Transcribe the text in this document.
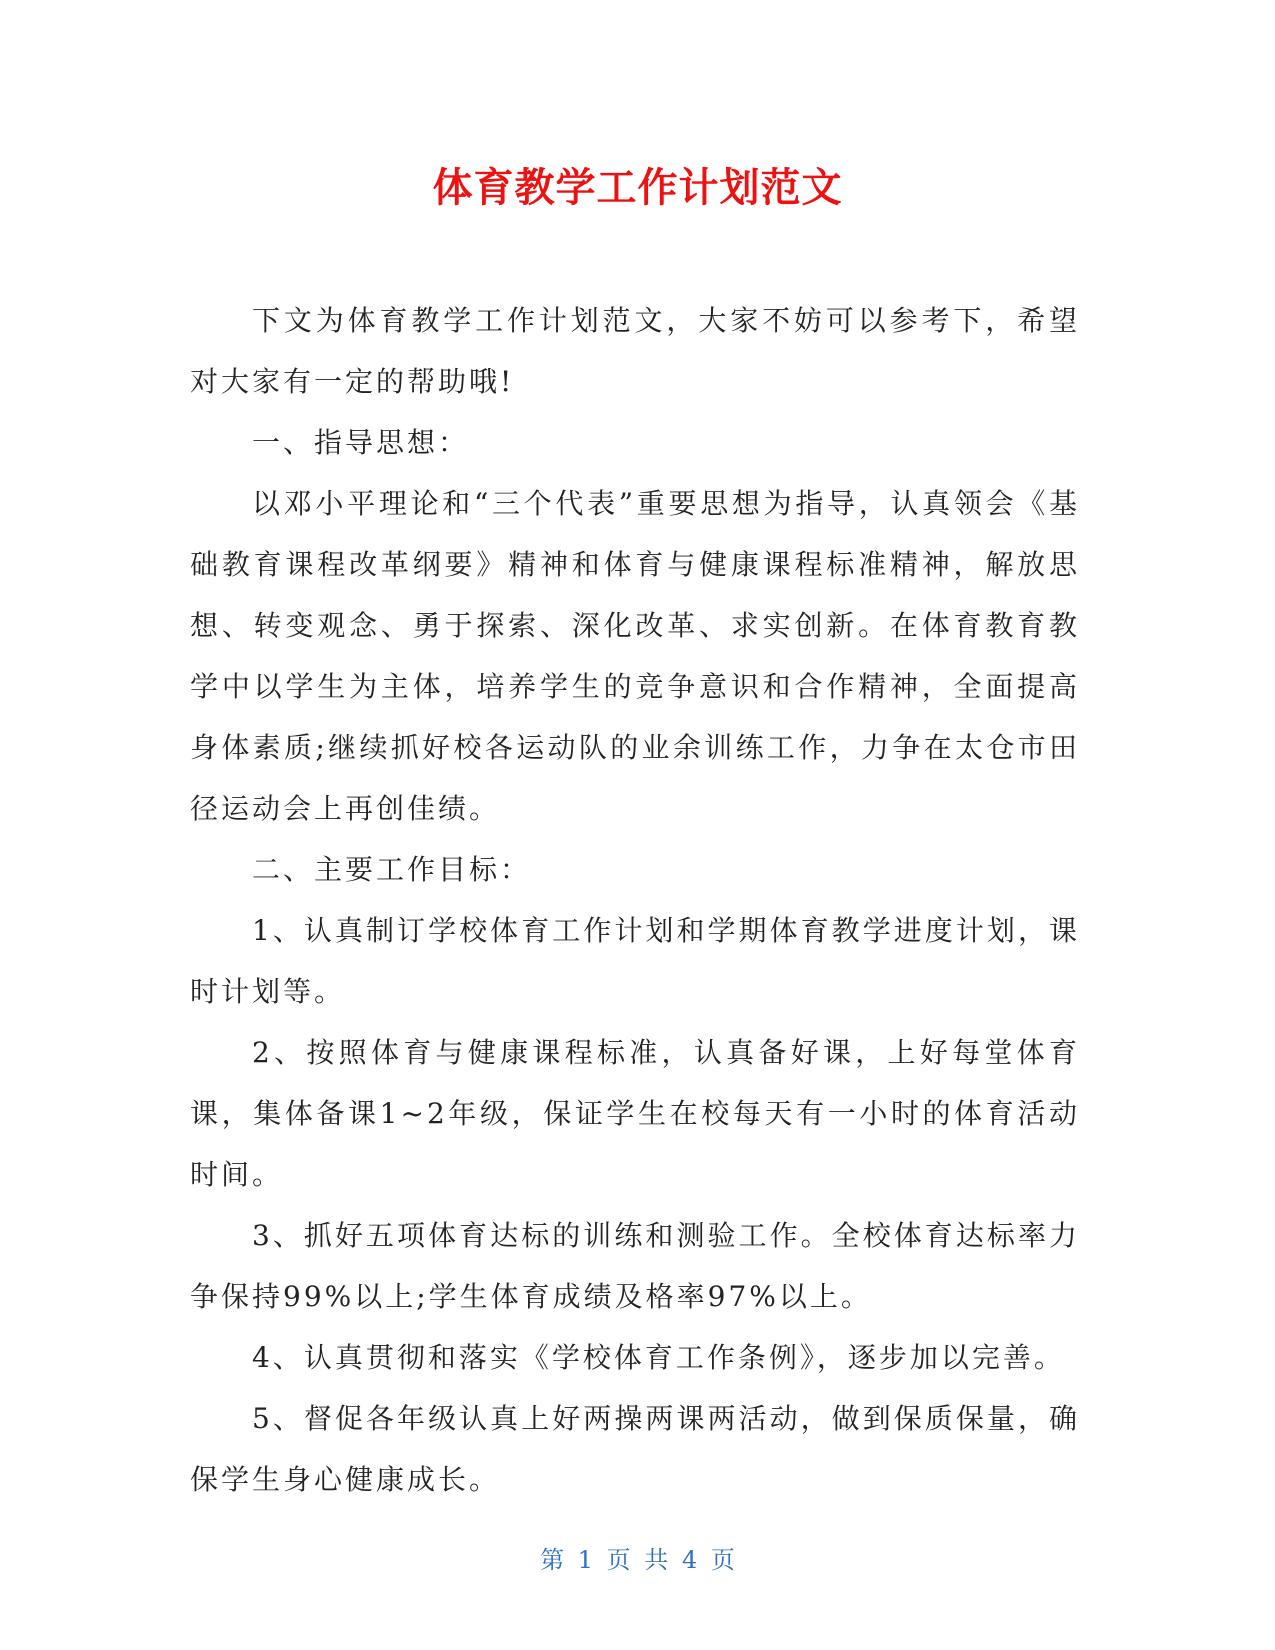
体育教学工作计划范文

下文为体育教学工作计划范文，大家不妨可以参考下，希望对大家有一定的帮助哦!

一、指导思想：

以邓小平理论和“三个代表”重要思想为指导，认真领会《基础教育课程改革纲要》精神和体育与健康课程标准精神，解放思想、转变观念、勇于探索、深化改革、求实创新。在体育教育教学中以学生为主体，培养学生的竞争意识和合作精神，全面提高身体素质;继续抓好校各运动队的业余训练工作，力争在太仓市田径运动会上再创佳绩。

二、主要工作目标：

1、认真制订学校体育工作计划和学期体育教学进度计划，课时计划等。

2、按照体育与健康课程标准，认真备好课，上好每堂体育课，集体备课1~2年级，保证学生在校每天有一小时的体育活动时间。

3、抓好五项体育达标的训练和测验工作。全校体育达标率力争保持99%以上;学生体育成绩及格率97%以上。

4、认真贯彻和落实《学校体育工作条例》，逐步加以完善。

5、督促各年级认真上好两操两课两活动，做到保质保量，确保学生身心健康成长。

第 1 页 共 4 页
